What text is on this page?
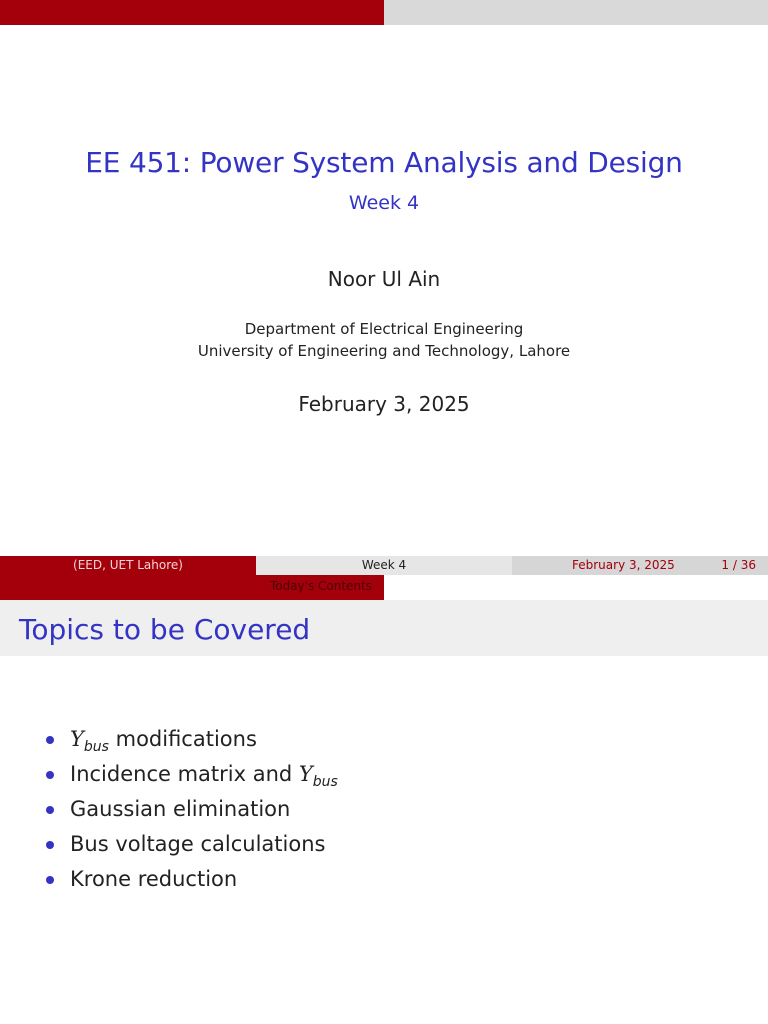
EE 451: Power System Analysis and Design
Week 4
Noor Ul Ain
Department of Electrical Engineering
University of Engineering and Technology, Lahore
February 3, 2025
(EED, UET Lahore)	Week 4	February 3, 2025	1 / 36
Today's Contents
Topics to be Covered
$Y_{bus}$ modifications
Incidence matrix and $Y_{bus}$
Gaussian elimination
Bus voltage calculations
Krone reduction
